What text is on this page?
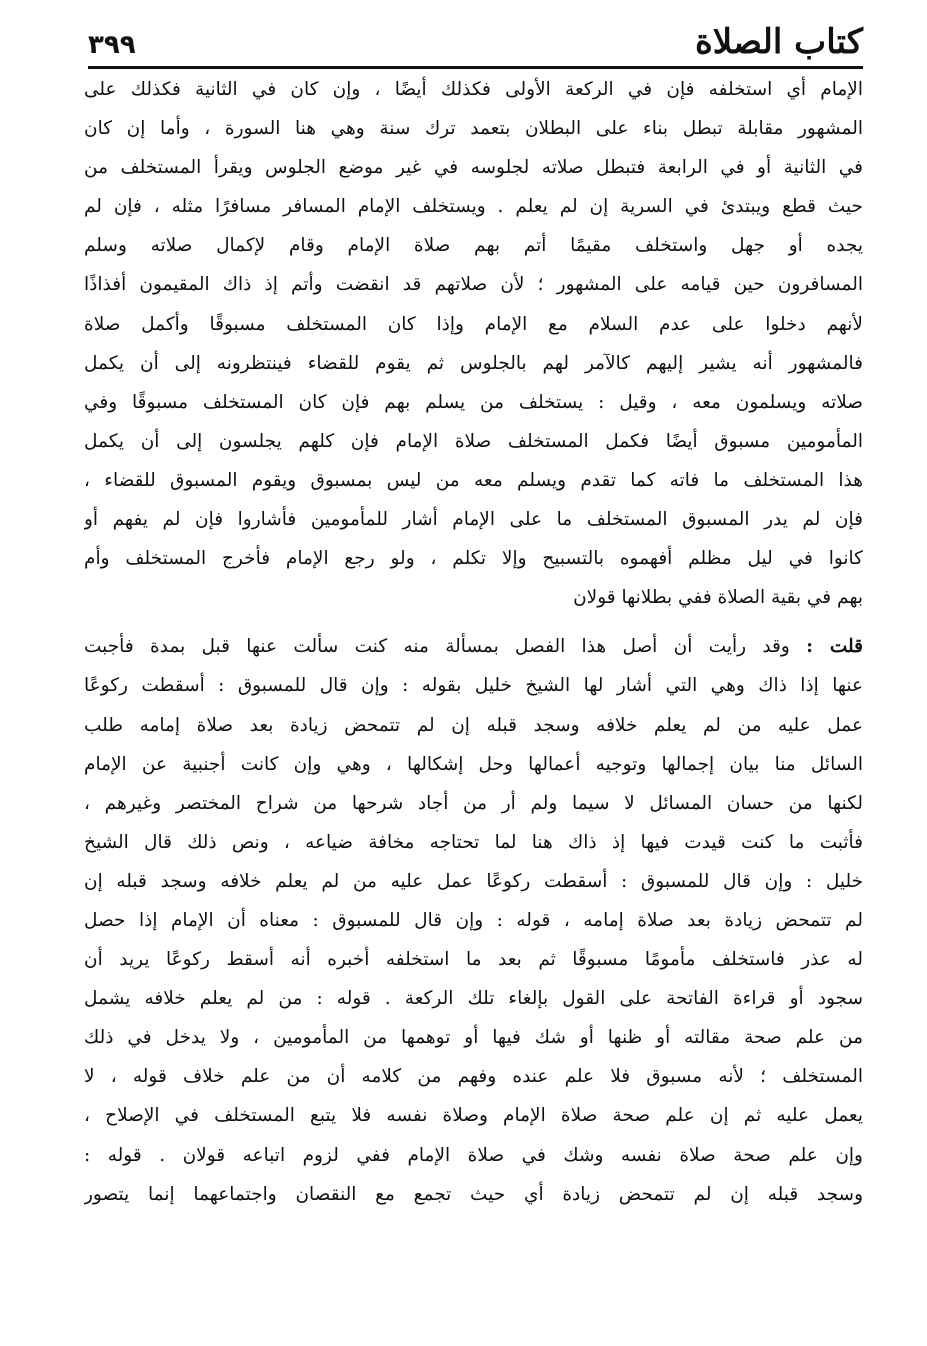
٣٩٩	كتاب الصلاة
الإمام أي استخلفه فإن في الركعة الأولى فكذلك أيضًا ، وإن كان في الثانية فكذلك على
المشهور مقابلة تبطل بناء على البطلان بتعمد ترك سنة وهي هنا السورة ، وأما إن كان
في الثانية أو في الرابعة فتبطل صلاته لجلوسه في غير موضع الجلوس ويقرأ المستخلف من
حيث قطع ويبتدئ في السرية إن لم يعلم . ويستخلف الإمام المسافر مسافرًا مثله ، فإن لم
يجده أو جهل واستخلف مقيمًا أتم بهم صلاة الإمام وقام لإكمال صلاته وسلم
المسافرون حين قيامه على المشهور ؛ لأن صلاتهم قد انقضت وأتم إذ ذاك المقيمون أفذاذًا
لأنهم دخلوا على عدم السلام مع الإمام وإذا كان المستخلف مسبوقًا وأكمل صلاة
فالمشهور أنه يشير إليهم كالآمر لهم بالجلوس ثم يقوم للقضاء فينتظرونه إلى أن يكمل
صلاته ويسلمون معه ، وقيل : يستخلف من يسلم بهم فإن كان المستخلف مسبوقًا وفي
المأمومين مسبوق أيضًا فكمل المستخلف صلاة الإمام فإن كلهم يجلسون إلى أن يكمل
هذا المستخلف ما فاته كما تقدم ويسلم معه من ليس بمسبوق ويقوم المسبوق للقضاء ،
فإن لم يدر المسبوق المستخلف ما على الإمام أشار للمأمومين فأشاروا فإن لم يفهم أو
كانوا في ليل مظلم أفهموه بالتسبيح وإلا تكلم ، ولو رجع الإمام فأخرج المستخلف وأم
بهم في بقية الصلاة ففي بطلانها قولان
قلت : وقد رأيت أن أصل هذا الفصل بمسألة منه كنت سألت عنها قبل بمدة فأجبت
عنها إذا ذاك وهي التي أشار لها الشيخ خليل بقوله : وإن قال للمسبوق : أسقطت ركوعًا
عمل عليه من لم يعلم خلافه وسجد قبله إن لم تتمحض زيادة بعد صلاة إمامه طلب
السائل منا بيان إجمالها وتوجيه أعمالها وحل إشكالها ، وهي وإن كانت أجنبية عن الإمام
لكنها من حسان المسائل لا سيما ولم أر من أجاد شرحها من شراح المختصر وغيرهم ،
فأثبت ما كنت قيدت فيها إذ ذاك هنا لما تحتاجه مخافة ضياعه ، ونص ذلك قال الشيخ
خليل : وإن قال للمسبوق : أسقطت ركوعًا عمل عليه من لم يعلم خلافه وسجد قبله إن
لم تتمحض زيادة بعد صلاة إمامه ، قوله : وإن قال للمسبوق : معناه أن الإمام إذا حصل
له عذر فاستخلف مأمومًا مسبوقًا ثم بعد ما استخلفه أخبره أنه أسقط ركوعًا يريد أن
سجود أو قراءة الفاتحة على القول بإلغاء تلك الركعة . قوله : من لم يعلم خلافه يشمل
من علم صحة مقالته أو ظنها أو شك فيها أو توهمها من المأمومين ، ولا يدخل في ذلك
المستخلف ؛ لأنه مسبوق فلا علم عنده وفهم من كلامه أن من علم خلاف قوله ، لا
يعمل عليه ثم إن علم صحة صلاة الإمام وصلاة نفسه فلا يتبع المستخلف في الإصلاح ،
وإن علم صحة صلاة نفسه وشك في صلاة الإمام ففي لزوم اتباعه قولان . قوله :
وسجد قبله إن لم تتمحض زيادة أي حيث تجمع مع النقصان واجتماعهما إنما يتصور
